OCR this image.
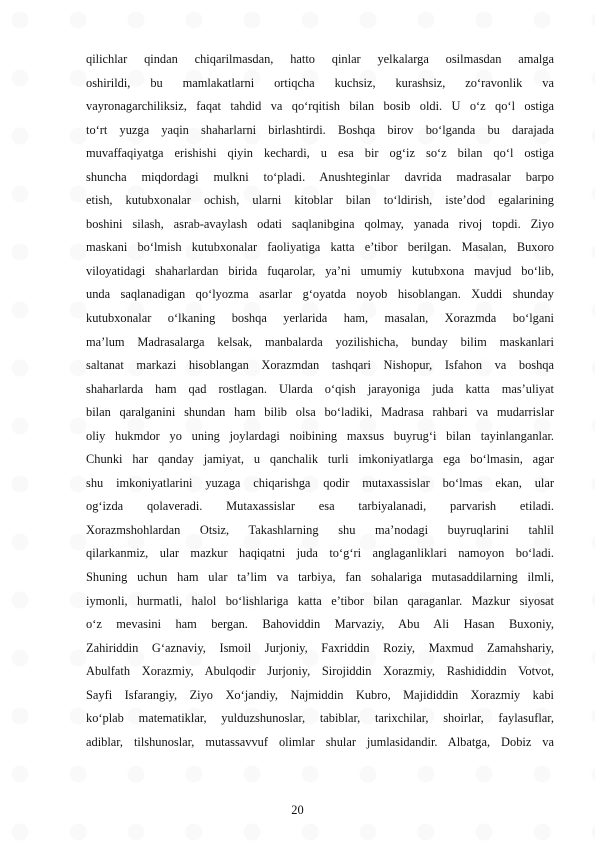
qilichlar qindan chiqarilmasdan, hatto qinlar yelkalarga osilmasdan amalga
oshirildi, bu mamlakatlarni ortiqcha kuchsiz, kurashsiz, zo‘ravonlik va
vayronagarchiliksiz, faqat tahdid va qo‘rqitish bilan bosib oldi. U o‘z qo‘l ostiga
to‘rt yuzga yaqin shaharlarni birlashtirdi. Boshqa birov bo‘lganda bu darajada
muvaffaqiyatga erishishi qiyin kechardi, u esa bir og‘iz so‘z bilan qo‘l ostiga
shuncha miqdordagi mulkni to‘pladi. Anushteginlar davrida madrasalar barpo
etish, kutubxonalar ochish, ularni kitoblar bilan to‘ldirish, iste’dod egalarining
boshini silash, asrab-avaylash odati saqlanibgina qolmay, yanada rivoj topdi. Ziyo
maskani bo‘lmish kutubxonalar faoliyatiga katta e’tibor berilgan. Masalan, Buxoro
viloyatidagi shaharlardan birida fuqarolar, ya’ni umumiy kutubxona mavjud bo‘lib,
unda saqlanadigan qo‘lyozma asarlar g‘oyatda noyob hisoblangan. Xuddi shunday
kutubxonalar o‘lkaning boshqa yerlarida ham, masalan, Xorazmda bo‘lgani
ma’lum Madrasalarga kelsak, manbalarda yozilishicha, bunday bilim maskanlari
saltanat markazi hisoblangan Xorazmdan tashqari Nishopur, Isfahon va boshqa
shaharlarda ham qad rostlagan. Ularda o‘qish jarayoniga juda katta mas’uliyat
bilan qaralganini shundan ham bilib olsa bo‘ladiki, Madrasa rahbari va mudarrislar
oliy hukmdor yo uning joylardagi noibining maxsus buyrug‘i bilan tayinlanganlar.
Chunki har qanday jamiyat, u qanchalik turli imkoniyatlarga ega bo‘lmasin, agar
shu imkoniyatlarini yuzaga chiqarishga qodir mutaxassislar bo‘lmas ekan, ular
og‘izda qolaveradi. Mutaxassislar esa tarbiyalanadi, parvarish etiladi.
Xorazmshohlardan Otsiz, Takashlarning shu ma’nodagi buyruqlarini tahlil
qilarkanmiz, ular mazkur haqiqatni juda to‘g‘ri anglaganliklari namoyon bo‘ladi.
Shuning uchun ham ular ta’lim va tarbiya, fan sohalariga mutasaddilarning ilmli,
iymonli, hurmatli, halol bo‘lishlariga katta e’tibor bilan qaraganlar. Mazkur siyosat
o‘z mevasini ham bergan. Bahoviddin Marvaziy, Abu Ali Hasan Buxoniy,
Zahiriddin G‘aznaviy, Ismoil Jurjoniy, Faxriddin Roziy, Maxmud Zamahshariy,
Abulfath Xorazmiy, Abulqodir Jurjoniy, Sirojiddin Xorazmiy, Rashididdin Votvot,
Sayfi Isfarangiy, Ziyo Xo‘jandiy, Najmiddin Kubro, Majididdin Xorazmiy kabi
ko‘plab matematiklar, yulduzshunoslar, tabiblar, tarixchilar, shoirlar, faylasuflar,
adiblar, tilshunoslar, mutassavvuf olimlar shular jumlasidandir. Albatga, Dobiz va
20
